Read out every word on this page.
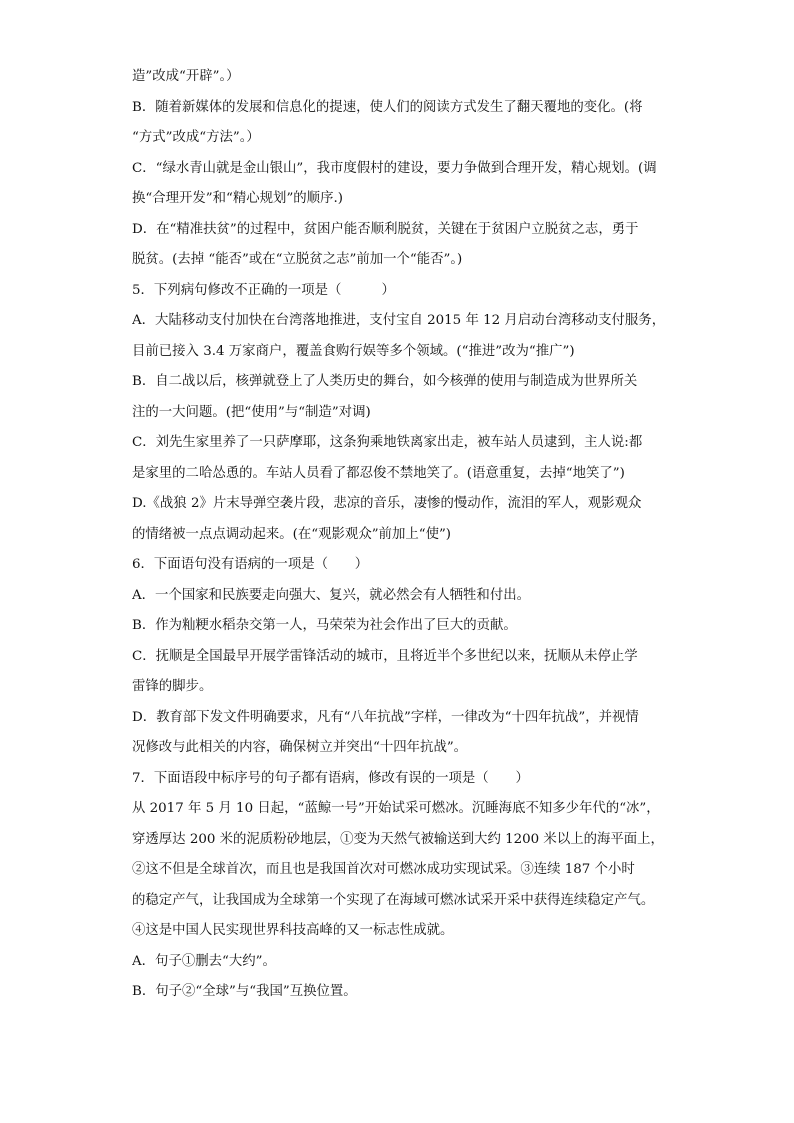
造”改成“开辟”。）
B．随着新媒体的发展和信息化的提速，使人们的阅读方式发生了翻天覆地的变化。(将
“方式”改成“方法”。）
C．“绿水青山就是金山银山”，我市度假村的建设，要力争做到合理开发，精心规划。(调
换“合理开发”和“精心规划”的顺序.)
D．在“精准扶贫”的过程中，贫困户能否顺利脱贫，关键在于贫困户立脱贫之志，勇于
脱贫。(去掉 “能否”或在“立脱贫之志”前加一个“能否”。)
5．下列病句修改不正确的一项是（　　　）
A．大陆移动支付加快在台湾落地推进，支付宝自 2015 年 12 月启动台湾移动支付服务，
目前已接入 3.4 万家商户，覆盖食购行娱等多个领域。(“推进”改为“推广”)
B．自二战以后，核弹就登上了人类历史的舞台，如今核弹的使用与制造成为世界所关
注的一大问题。(把“使用”与“制造”对调)
C．刘先生家里养了一只萨摩耶，这条狗乘地铁离家出走，被车站人员逮到，主人说:都
是家里的二哈怂恿的。车站人员看了都忍俊不禁地笑了。(语意重复，去掉“地笑了”)
D.《战狼 2》片末导弹空袭片段，悲凉的音乐，凄惨的慢动作，流泪的军人，观影观众
的情绪被一点点调动起来。(在“观影观众”前加上“使”)
6．下面语句没有语病的一项是（　　）
A．一个国家和民族要走向强大、复兴，就必然会有人牺牲和付出。
B．作为籼粳水稻杂交第一人，马荣荣为社会作出了巨大的贡献。
C．抚顺是全国最早开展学雷锋活动的城市，且将近半个多世纪以来，抚顺从未停止学
雷锋的脚步。
D．教育部下发文件明确要求，凡有“八年抗战”字样，一律改为“十四年抗战”，并视情
况修改与此相关的内容，确保树立并突出“十四年抗战”。
7．下面语段中标序号的句子都有语病，修改有误的一项是（　　）
从 2017 年 5 月 10 日起，“蓝鲸一号”开始试采可燃冰。沉睡海底不知多少年代的“冰”，
穿透厚达 200 米的泥质粉砂地层，①变为天然气被输送到大约 1200 米以上的海平面上，
②这不但是全球首次，而且也是我国首次对可燃冰成功实现试采。③连续 187 个小时
的稳定产气，让我国成为全球第一个实现了在海域可燃冰试采开采中获得连续稳定产气。
④这是中国人民实现世界科技高峰的又一标志性成就。
A．句子①删去“大约”。
B．句子②“全球”与“我国”互换位置。
